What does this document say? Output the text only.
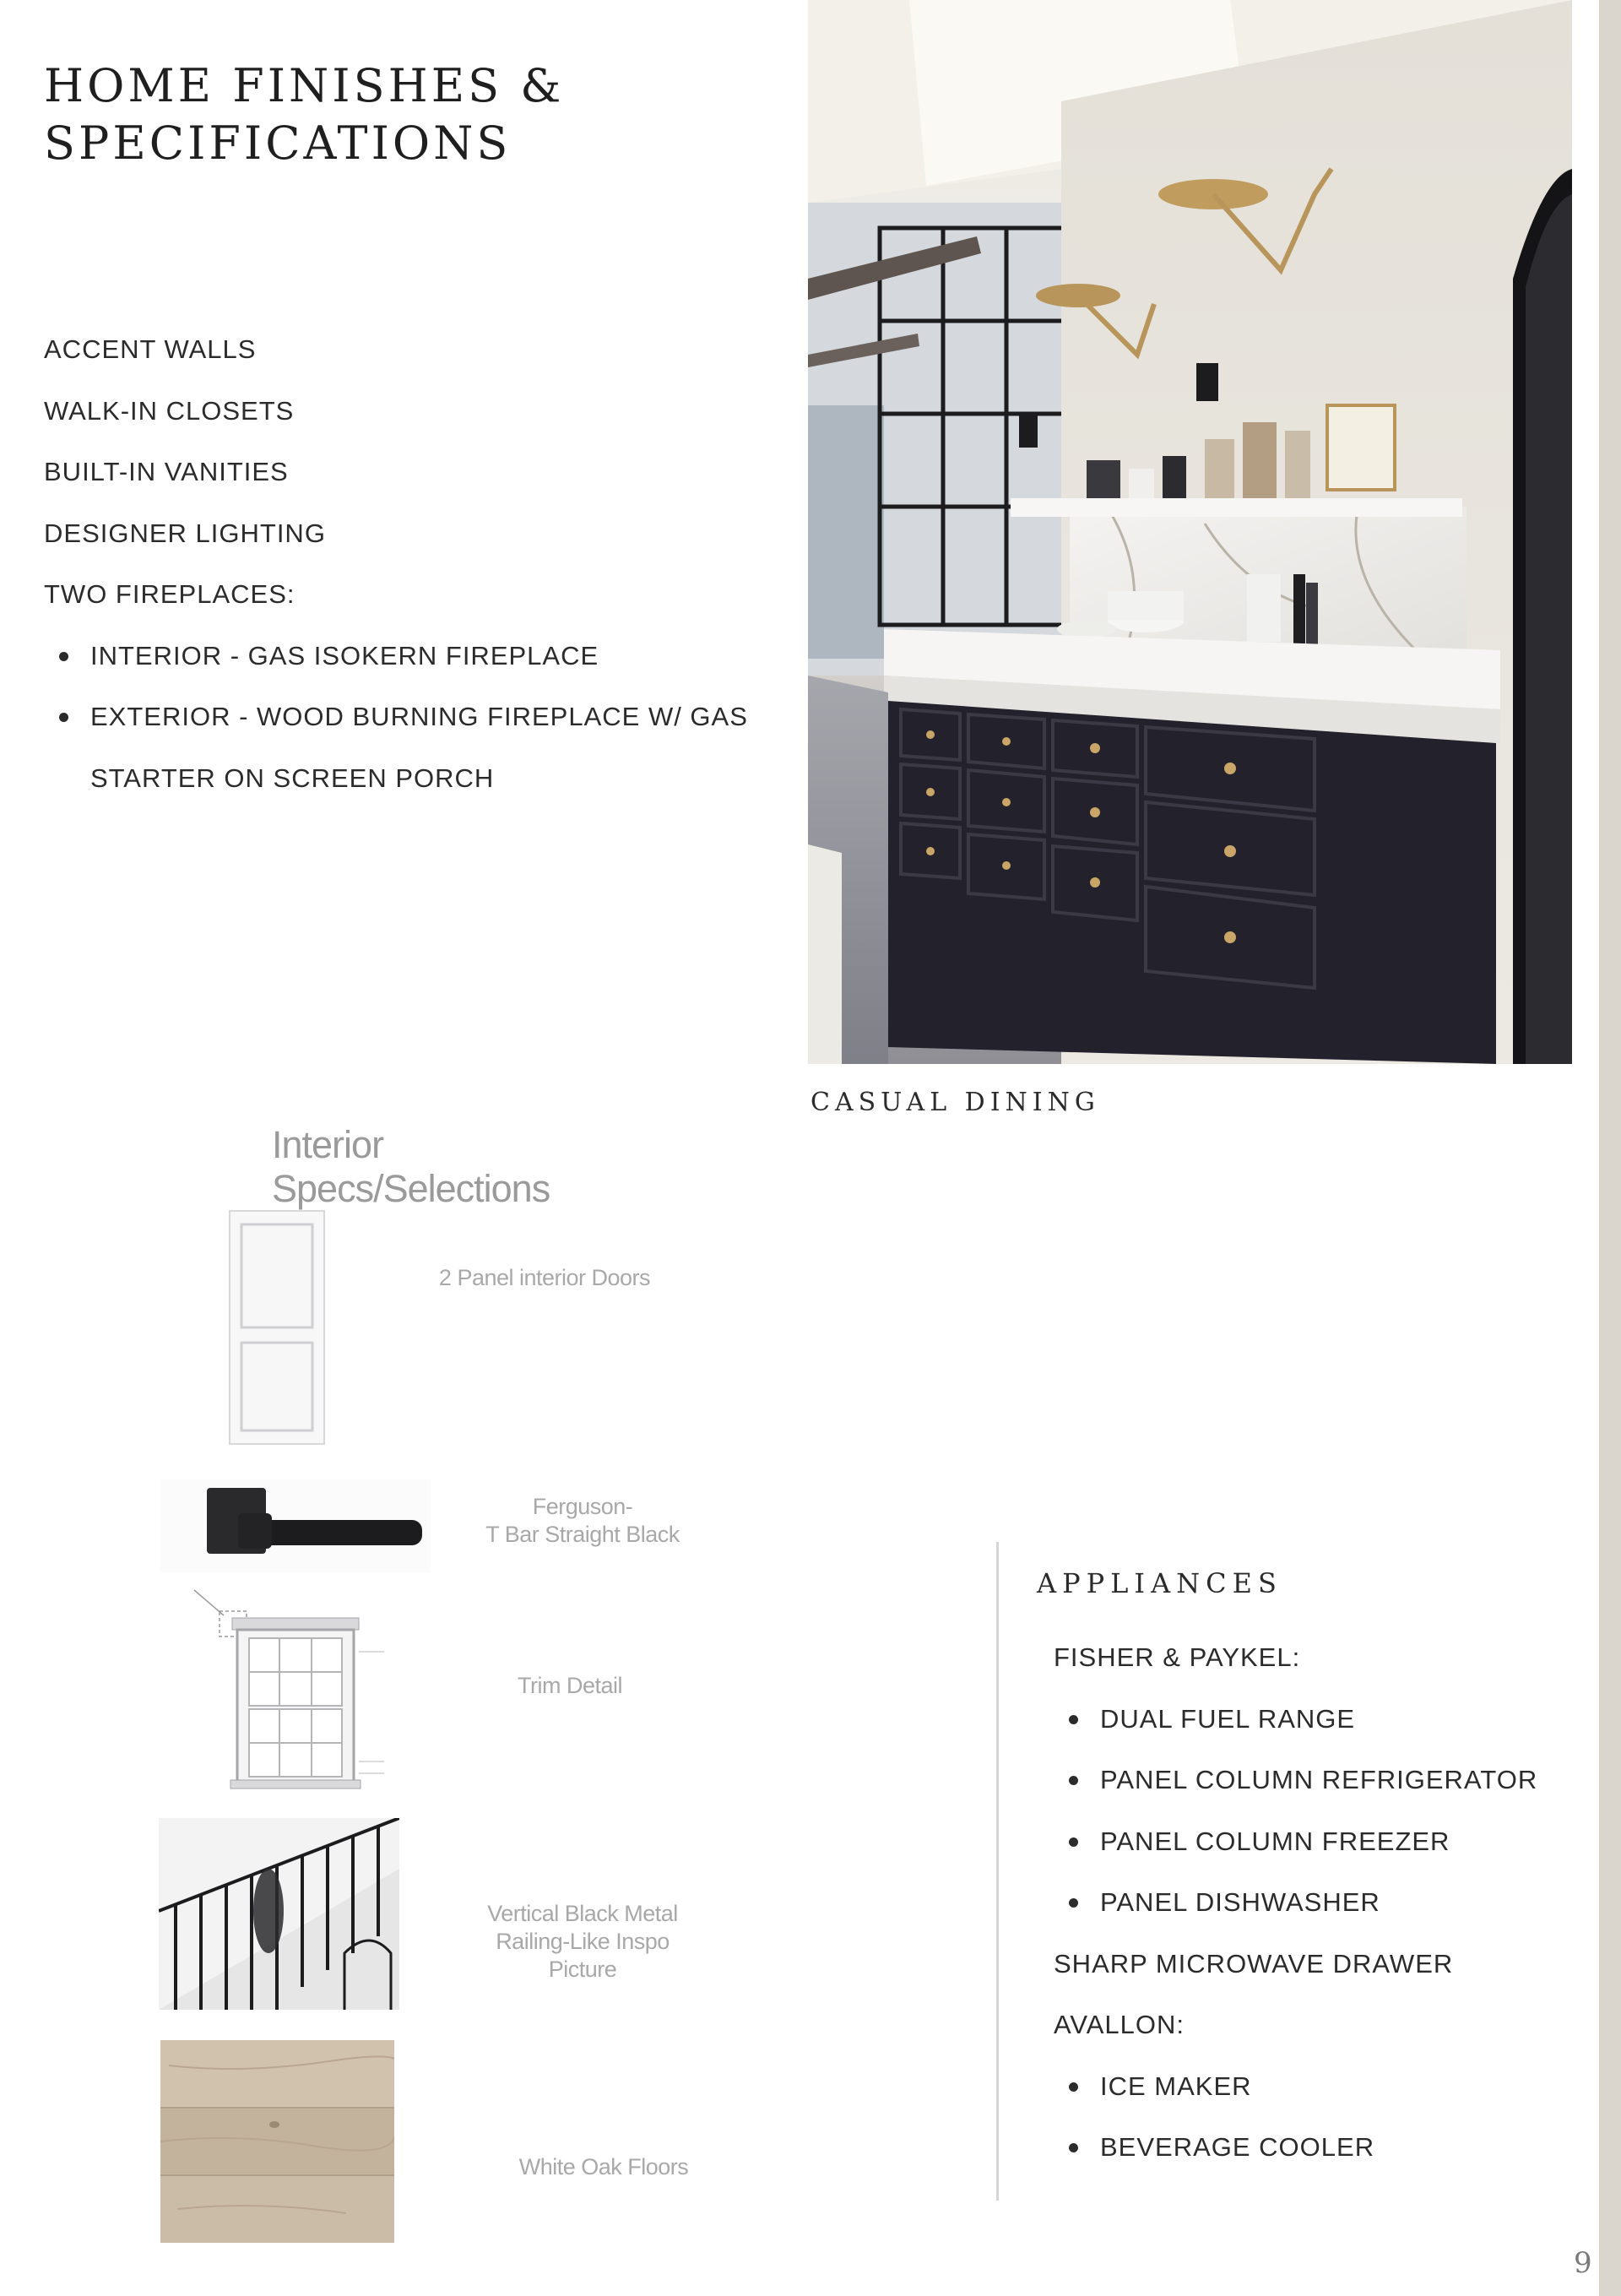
HOME FINISHES &
SPECIFICATIONS
ACCENT WALLS
WALK-IN CLOSETS
BUILT-IN VANITIES
DESIGNER LIGHTING
TWO FIREPLACES:
INTERIOR - GAS ISOKERN FIREPLACE
EXTERIOR - WOOD BURNING FIREPLACE W/ GAS
STARTER ON SCREEN PORCH
CASUAL DINING
Interior Specs/Selections
2 Panel interior Doors
Ferguson-
T Bar Straight Black
Trim Detail
Vertical Black Metal
Railing-Like Inspo
Picture
White Oak Floors
APPLIANCES
FISHER & PAYKEL:
DUAL FUEL RANGE
PANEL COLUMN REFRIGERATOR
PANEL COLUMN FREEZER
PANEL DISHWASHER
SHARP MICROWAVE DRAWER
AVALLON:
ICE MAKER
BEVERAGE COOLER
9
